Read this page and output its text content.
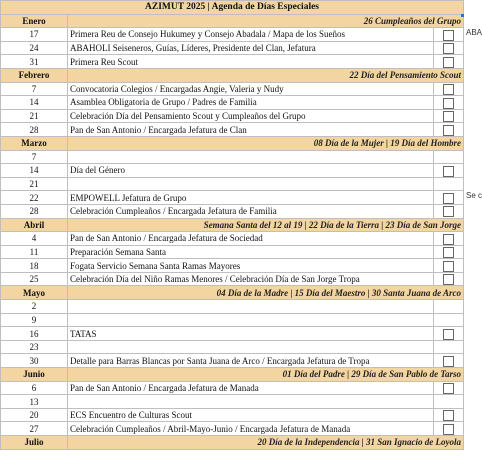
AZIMUT 2025 | Agenda de Días Especiales		
Enero	26 Cumpleaños del Grupo	
17	Primera Reu de Consejo Hukumey y Consejo Abadala / Mapa de los Sueños	
24	ABAHOLI Seiseneros, Guías, Líderes, Presidente del Clan, Jefatura	
31	Primera Reu Scout	
Febrero	22 Día del Pensamiento Scout	
7	Convocatoria Colegios / Encargadas Angie, Valeria y Nudy	
14	Asamblea Obligatoria de Grupo / Padres de Familia	
21	Celebración Día del Pensamiento Scout y Cumpleaños del Grupo	
28	Pan de San Antonio / Encargada Jefatura de Clan	
Marzo	08 Día de la Mujer | 19 Día del Hombre	
7		
14	Día del Género	
21		
22	EMPOWELL Jefatura de Grupo	
28	Celebración Cumpleaños / Encargada Jefatura de Familia	
Abril	Semana Santa del 12 al 19 | 22 Día de la Tierra | 23 Día de San Jorge	
4	Pan de San Antonio / Encargada Jefatura de Sociedad	
11	Preparación Semana Santa	
18	Fogata Servicio Semana Santa Ramas Mayores	
25	Celebración Día del Niño Ramas Menores / Celebración Día de San Jorge Tropa	
Mayo	04 Día de la Madre | 15 Día del Maestro | 30 Santa Juana de Arco	
2		
9		
16	TATAS	
23		
30	Detalle para Barras Blancas por Santa Juana de Arco / Encargada Jefatura de Tropa	
Junio	01 Día del Padre | 29 Día de San Pablo de Tarso	
6	Pan de San Antonio / Encargada Jefatura de Manada	
13		
20	ECS Encuentro de Culturas Scout	
27	Celebración Cumpleaños / Abril-Mayo-Junio / Encargada Jefatura de Manada	
Julio	20 Día de la Independencia | 31 San Ignacio de Loyola	
ABA
Se c
